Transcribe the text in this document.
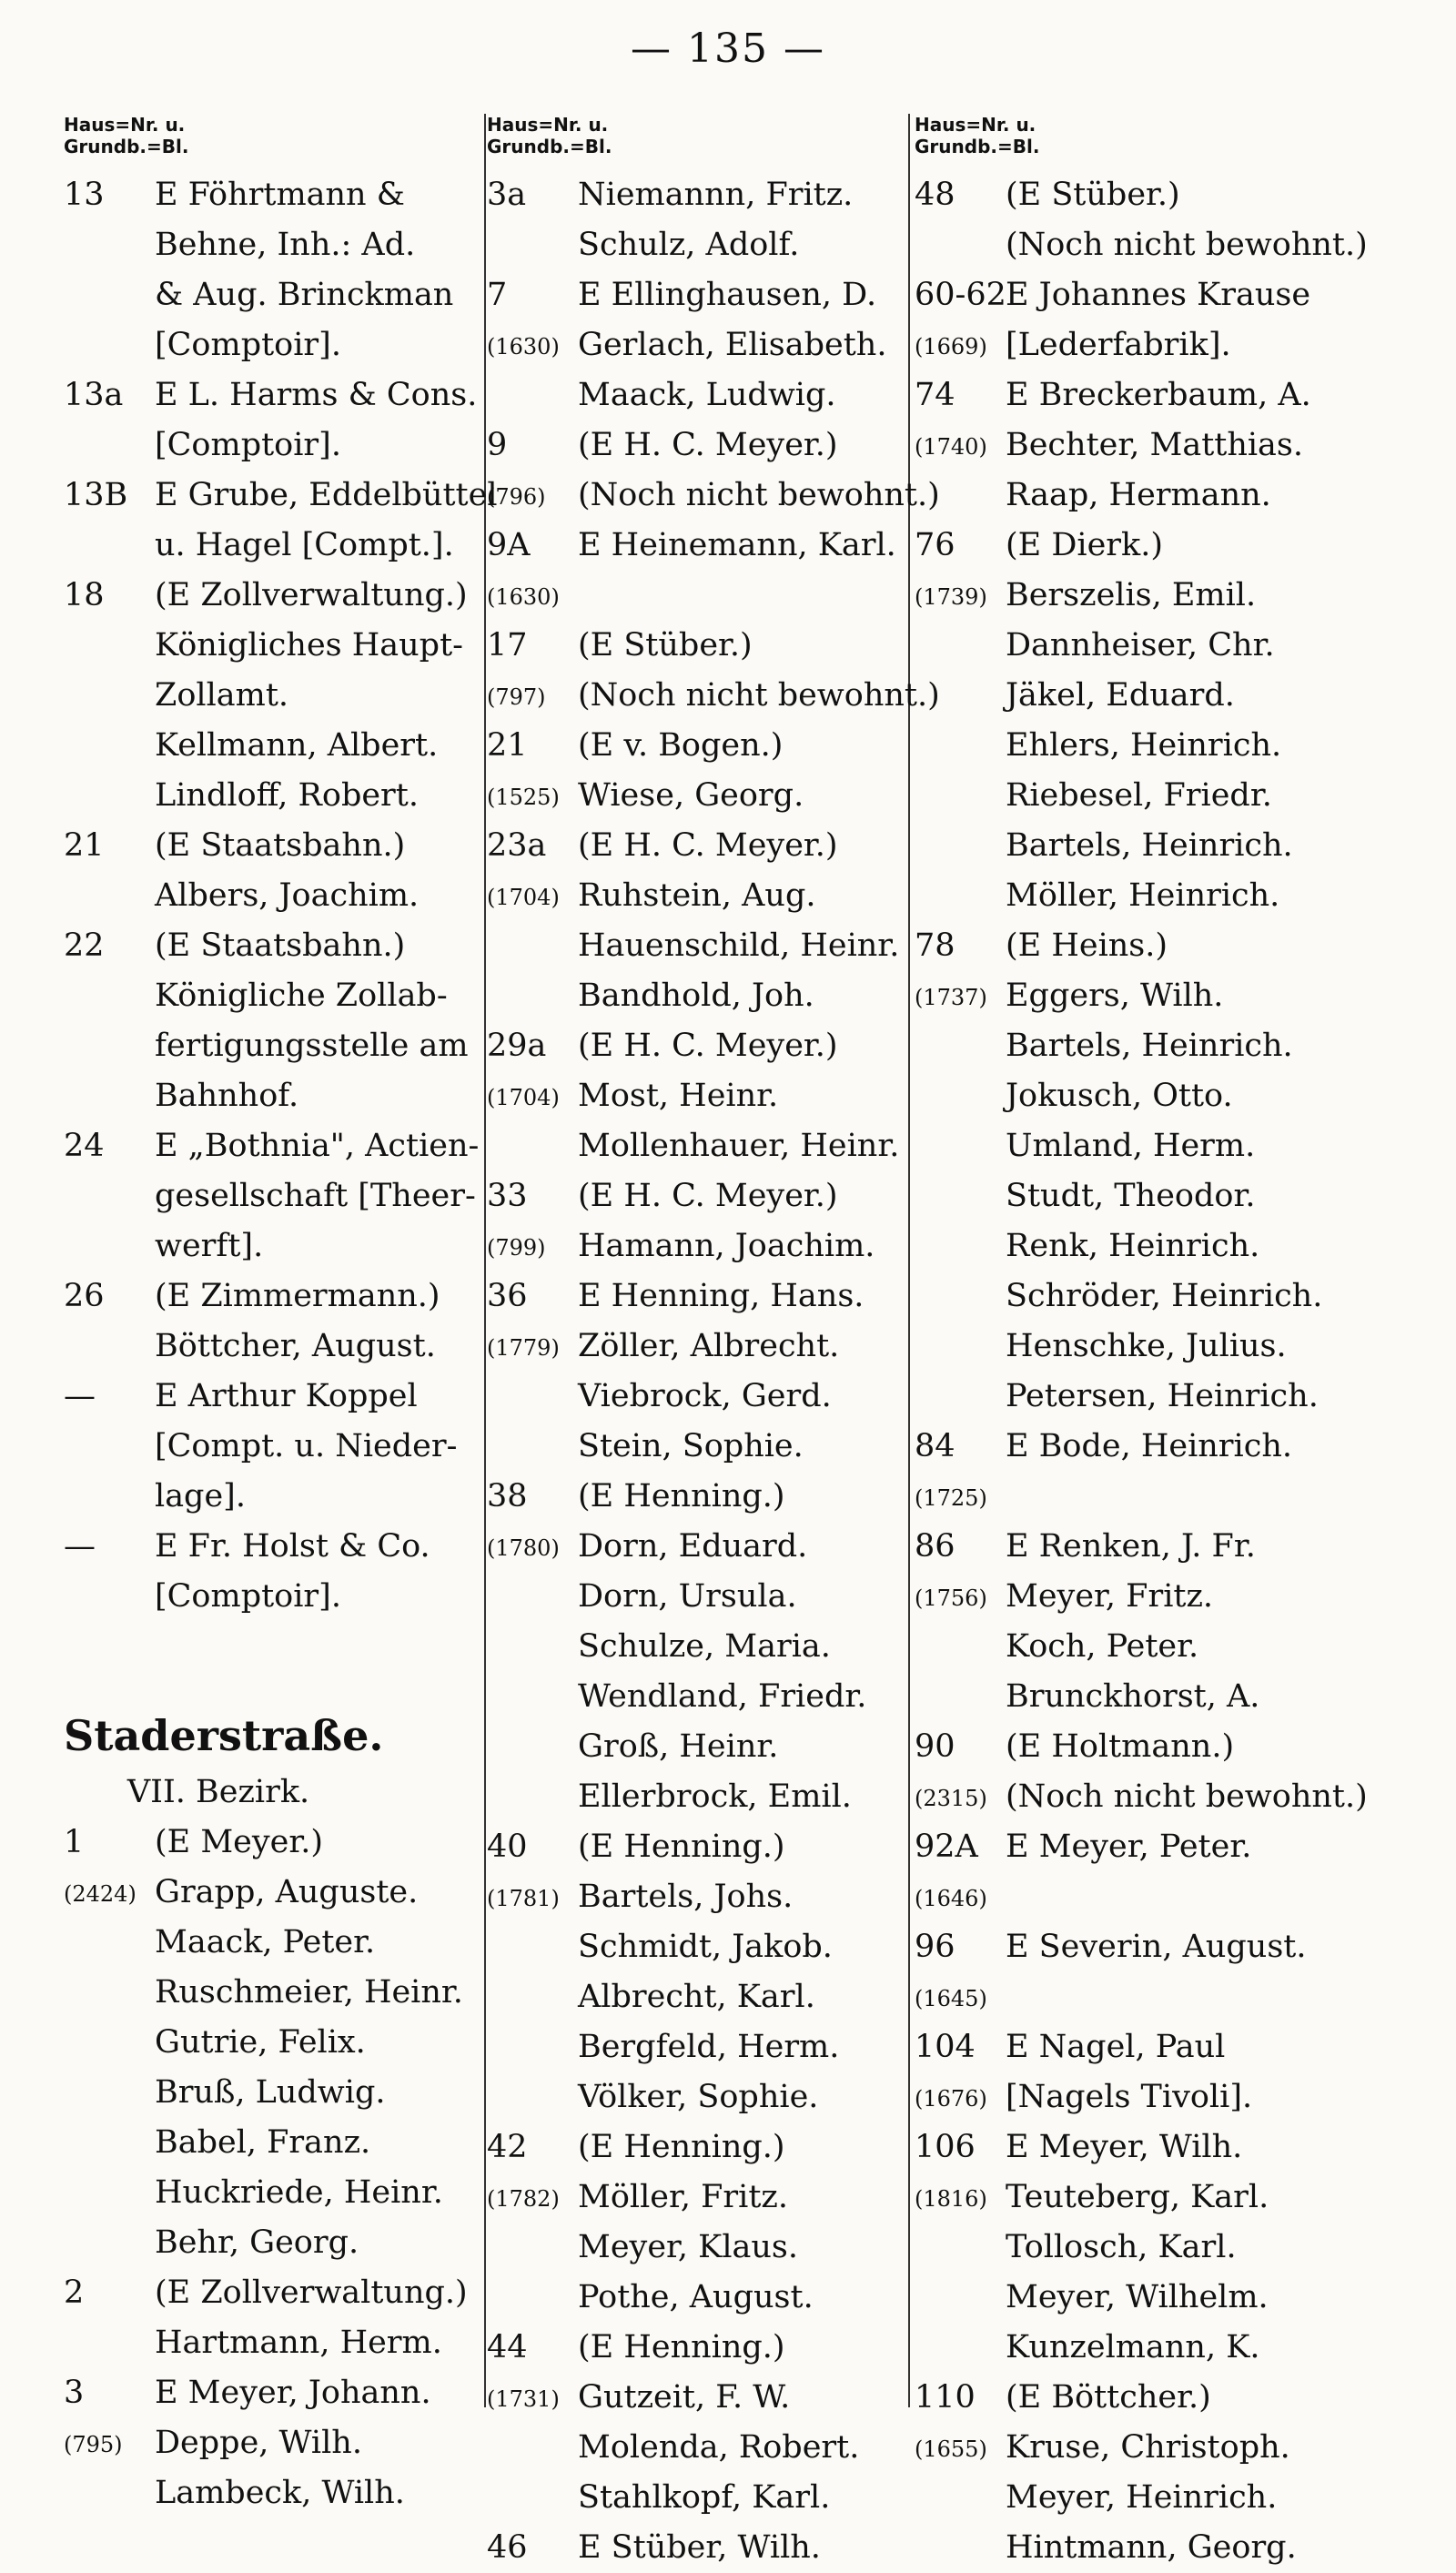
— 135 —
Haus=Nr. u.
Grundb.=Bl.
13 E Föhrtmann &
Behne, Inh.: Ad.
& Aug. Brinckman
[Comptoir].
13a E L. Harms & Cons.
[Comptoir].
13B E Grube, Eddelbüttel
u. Hagel [Compt.].
18 (E Zollverwaltung.)
Königliches Haupt-
Zollamt.
Kellmann, Albert.
Lindloff, Robert.
21 (E Staatsbahn.)
Albers, Joachim.
22 (E Staatsbahn.)
Königliche Zollab-
fertigungsstelle am
Bahnhof.
24 E „Bothnia", Actien-
gesellschaft [Theer-
werft].
26 (E Zimmermann.)
Böttcher, August.
— E Arthur Koppel
[Compt. u. Nieder-
lage].
— E Fr. Holst & Co.
[Comptoir].
Staderstraße.
VII. Bezirk.
1 (E Meyer.)
(2424) Grapp, Auguste.
Maack, Peter.
Ruschmeier, Heinr.
Gutrie, Felix.
Bruß, Ludwig.
Babel, Franz.
Huckriede, Heinr.
Behr, Georg.
2 (E Zollverwaltung.)
Hartmann, Herm.
3 E Meyer, Johann.
(795) Deppe, Wilh.
Lambeck, Wilh.
Haus=Nr. u.
Grundb.=Bl.
3a Niemannn, Fritz.
Schulz, Adolf.
7 E Ellinghausen, D.
(1630) Gerlach, Elisabeth.
Maack, Ludwig.
9 (E H. C. Meyer.)
(796) (Noch nicht bewohnt.)
9A E Heinemann, Karl.
(1630)
17 (E Stüber.)
(797) (Noch nicht bewohnt.)
21 (E v. Bogen.)
(1525) Wiese, Georg.
23a (E H. C. Meyer.)
(1704) Ruhstein, Aug.
Hauenschild, Heinr.
Bandhold, Joh.
29a (E H. C. Meyer.)
(1704) Most, Heinr.
Mollenhauer, Heinr.
33 (E H. C. Meyer.)
(799) Hamann, Joachim.
36 E Henning, Hans.
(1779) Zöller, Albrecht.
Viebrock, Gerd.
Stein, Sophie.
38 (E Henning.)
(1780) Dorn, Eduard.
Dorn, Ursula.
Schulze, Maria.
Wendland, Friedr.
Groß, Heinr.
Ellerbrock, Emil.
40 (E Henning.)
(1781) Bartels, Johs.
Schmidt, Jakob.
Albrecht, Karl.
Bergfeld, Herm.
Völker, Sophie.
42 (E Henning.)
(1782) Möller, Fritz.
Meyer, Klaus.
Pothe, August.
44 (E Henning.)
(1731) Gutzeit, F. W.
Molenda, Robert.
Stahlkopf, Karl.
46 E Stüber, Wilh.
Haus=Nr. u.
Grundb.=Bl.
48 (E Stüber.)
(Noch nicht bewohnt.)
60-62 E Johannes Krause
(1669) [Lederfabrik].
74 E Breckerbaum, A.
(1740) Bechter, Matthias.
Raap, Hermann.
76 (E Dierk.)
(1739) Berszelis, Emil.
Dannheiser, Chr.
Jäkel, Eduard.
Ehlers, Heinrich.
Riebesel, Friedr.
Bartels, Heinrich.
Möller, Heinrich.
78 (E Heins.)
(1737) Eggers, Wilh.
Bartels, Heinrich.
Jokusch, Otto.
Umland, Herm.
Studt, Theodor.
Renk, Heinrich.
Schröder, Heinrich.
Henschke, Julius.
Petersen, Heinrich.
84 E Bode, Heinrich.
(1725)
86 E Renken, J. Fr.
(1756) Meyer, Fritz.
Koch, Peter.
Brunckhorst, A.
90 (E Holtmann.)
(2315) (Noch nicht bewohnt.)
92A E Meyer, Peter.
(1646)
96 E Severin, August.
(1645)
104 E Nagel, Paul
(1676) [Nagels Tivoli].
106 E Meyer, Wilh.
(1816) Teuteberg, Karl.
Tollosch, Karl.
Meyer, Wilhelm.
Kunzelmann, K.
110 (E Böttcher.)
(1655) Kruse, Christoph.
Meyer, Heinrich.
Hintmann, Georg.
